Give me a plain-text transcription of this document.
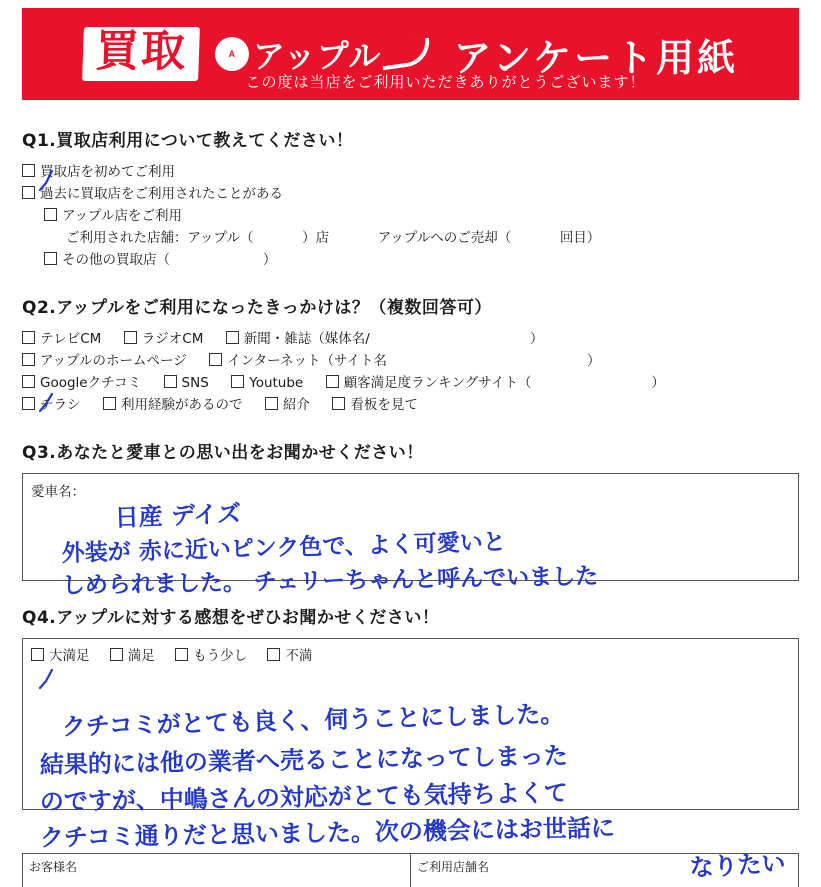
買取	A アップル アンケート用紙
この度は当店をご利用いただきありがとうございます！
Q1.買取店利用について教えてください！
買取店を初めてご利用
過去に買取店をご利用されたことがある
アップル店をご利用
ご利用された店舗：アップル（	）店	アップルへのご売却（	回目）
その他の買取店（	）
Q2.アップルをご利用になったきっかけは？（複数回答可）
テレビCM	ラジオCM	新聞・雑誌（媒体名/	）
アップルのホームページ	インターネット（サイト名	）
Googleクチコミ	SNS	Youtube	顧客満足度ランキングサイト（	）
チラシ	利用経験があるので	紹介	看板を見て
Q3.あなたと愛車との思い出をお聞かせください！
愛車名：
Q4.アップルに対する感想をぜひお聞かせください！
大満足	満足	もう少し	不満
お客様名	ご利用店舗名
日産 デイズ
外装が 赤に近いピンク色で、よく可愛いと
しめられました。 チェリーちゃんと呼んでいました
クチコミがとても良く、伺うことにしました。
結果的には他の業者へ売ることになってしまった
のですが、中嶋さんの対応がとても気持ちよくて
クチコミ通りだと思いました。次の機会にはお世話に
なりたい
